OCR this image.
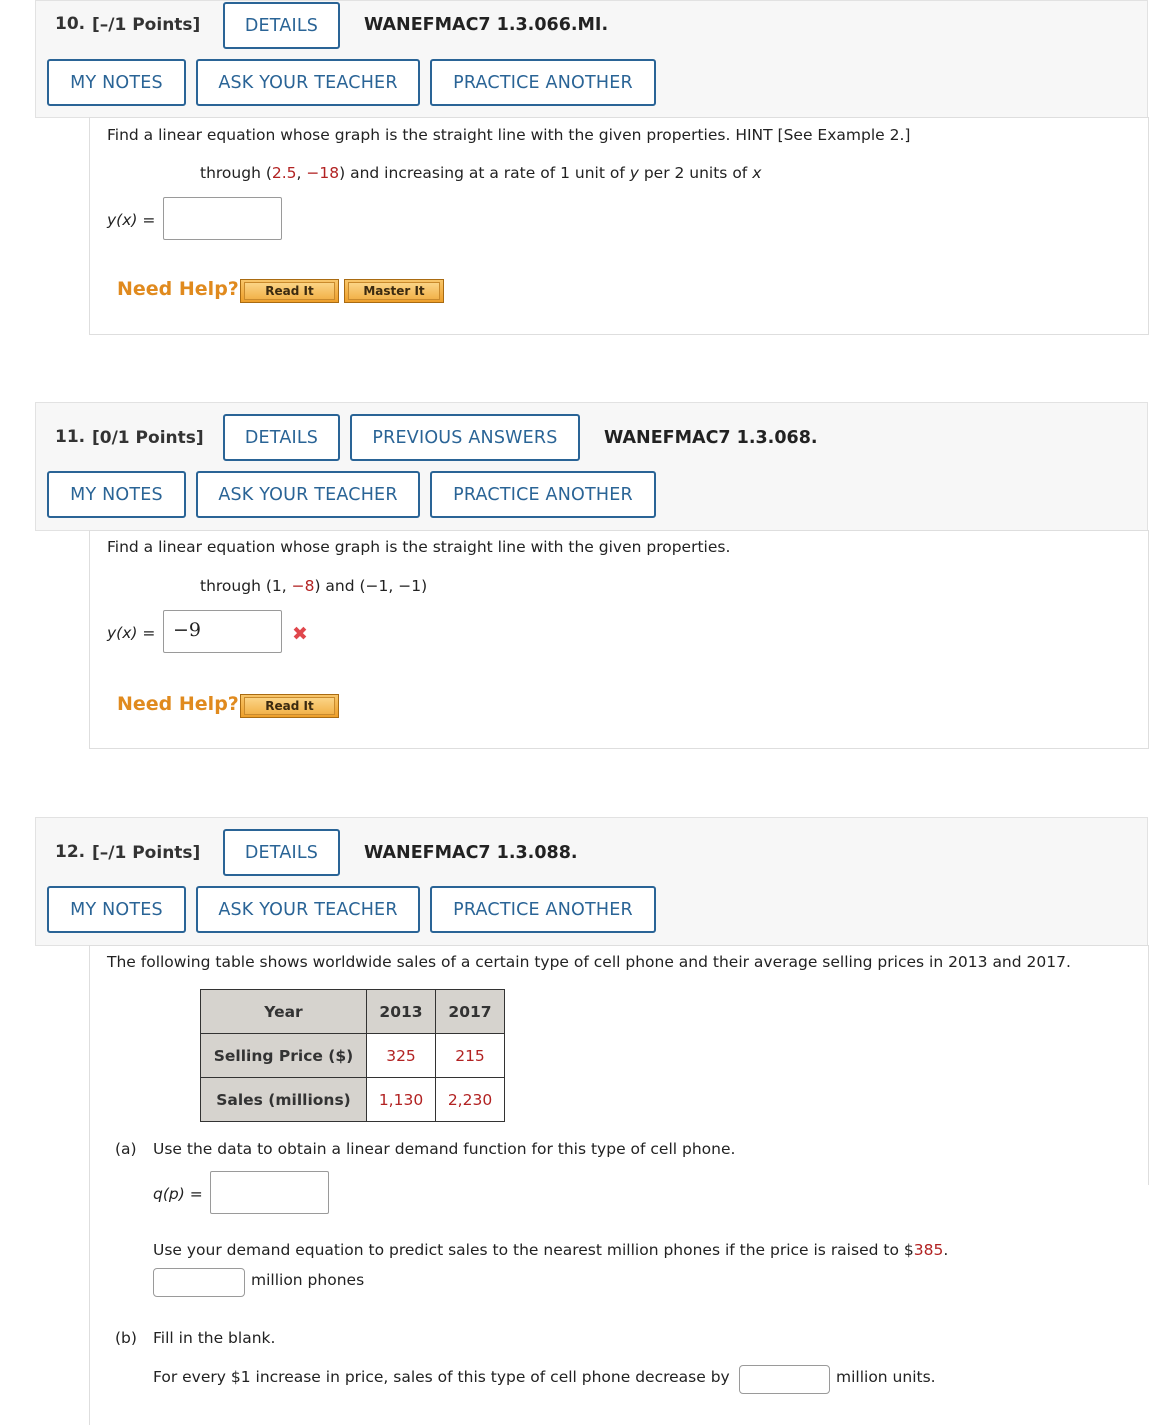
10. [–/1 Points]	DETAILS	WANEFMAC7 1.3.066.MI.
MY NOTES	ASK YOUR TEACHER	PRACTICE ANOTHER
Find a linear equation whose graph is the straight line with the given properties. HINT [See Example 2.]
through (2.5, −18) and increasing at a rate of 1 unit of y per 2 units of x
y(x) =
Need Help?	Read It	Master It
11. [0/1 Points]	DETAILS	PREVIOUS ANSWERS	WANEFMAC7 1.3.068.
MY NOTES	ASK YOUR TEACHER	PRACTICE ANOTHER
Find a linear equation whose graph is the straight line with the given properties.
through (1, −8) and (−1, −1)
y(x) = −9	✖
Need Help?	Read It
12. [–/1 Points]	DETAILS	WANEFMAC7 1.3.088.
MY NOTES	ASK YOUR TEACHER	PRACTICE ANOTHER
The following table shows worldwide sales of a certain type of cell phone and their average selling prices in 2013 and 2017.
Year	2013	2017
Selling Price ($)	325	215
Sales (millions)	1,130	2,230
(a) Use the data to obtain a linear demand function for this type of cell phone.
q(p) =
Use your demand equation to predict sales to the nearest million phones if the price is raised to $385.
million phones
(b) Fill in the blank.
For every $1 increase in price, sales of this type of cell phone decrease by	million units.
